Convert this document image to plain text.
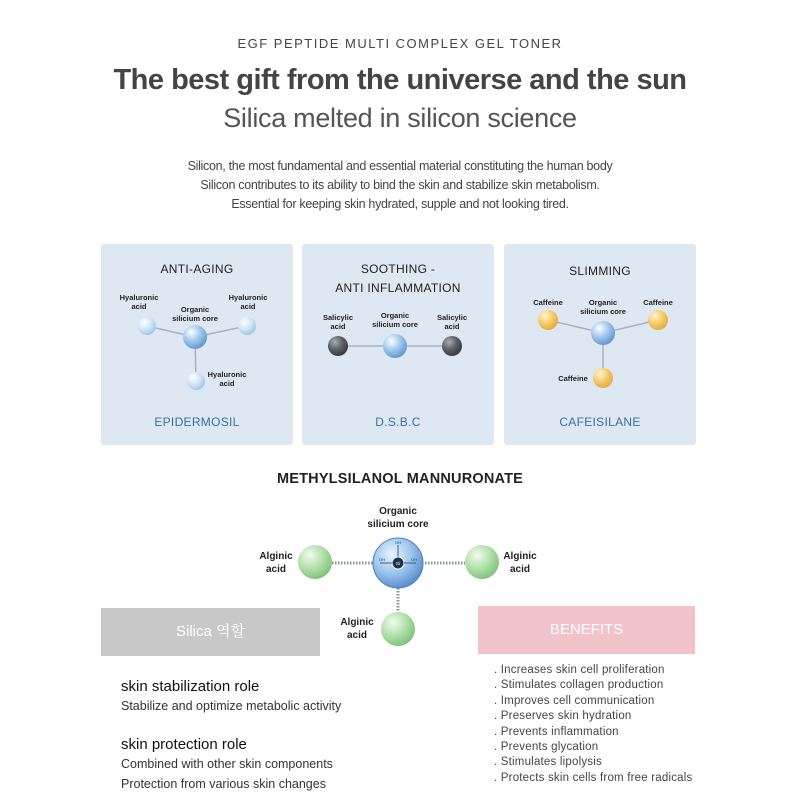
EGF PEPTIDE MULTI COMPLEX GEL TONER
The best gift from the universe and the sun
Silica melted in silicon science
Silicon, the most fundamental and essential material constituting the human body
Silicon contributes to its ability to bind the skin and stabilize skin metabolism.
Essential for keeping skin hydrated, supple and not looking tired.
ANTI-AGING
Hyaluronic
acid	Organic
silicium core
Hyaluronic
acid
Hyaluronic
acid
EPIDERMOSIL
SOOTHING -
ANTI INFLAMMATION
Salicylic
acid
Organic
silicium core
Salicylic
acid
D.S.B.C
SLIMMING
Caffeine	Organic
silicium core
Caffeine
Caffeine
CAFEISILANE
METHYLSILANOL MANNURONATE
Si
OH
OH	OH
Organic
silicium core
Alginic
acid
Alginic
acid
Alginic
acid
Silica 역할	BENEFITS
skin stabilization role
Stabilize and optimize metabolic activity
skin protection role
Combined with other skin components
Protection from various skin changes
. Increases skin cell proliferation
. Stimulates collagen production
. Improves cell communication
. Preserves skin hydration
. Prevents inflammation
. Prevents glycation
. Stimulates lipolysis
. Protects skin cells from free radicals
